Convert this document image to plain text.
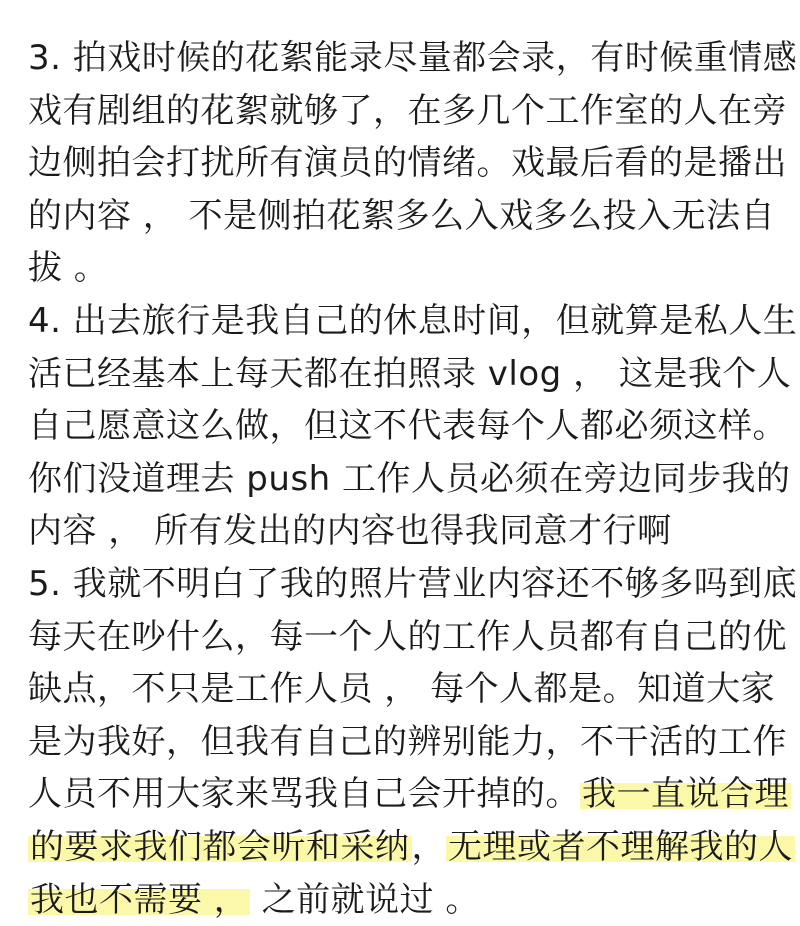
3. 拍戏时候的花絮能录尽量都会录，有时候重情感
戏有剧组的花絮就够了，在多几个工作室的人在旁
边侧拍会打扰所有演员的情绪。戏最后看的是播出
的内容 ， 不是侧拍花絮多么入戏多么投入无法自
拔 。
4. 出去旅行是我自己的休息时间，但就算是私人生
活已经基本上每天都在拍照录 vlog ， 这是我个人
自己愿意这么做，但这不代表每个人都必须这样。
你们没道理去 push 工作人员必须在旁边同步我的
内容 ， 所有发出的内容也得我同意才行啊
5. 我就不明白了我的照片营业内容还不够多吗到底
每天在吵什么，每一个人的工作人员都有自己的优
缺点，不只是工作人员 ， 每个人都是。知道大家
是为我好，但我有自己的辨别能力，不干活的工作
人员不用大家来骂我自己会开掉的。我一直说合理
的要求我们都会听和采纳，无理或者不理解我的人
我也不需要 ， 之前就说过 。
